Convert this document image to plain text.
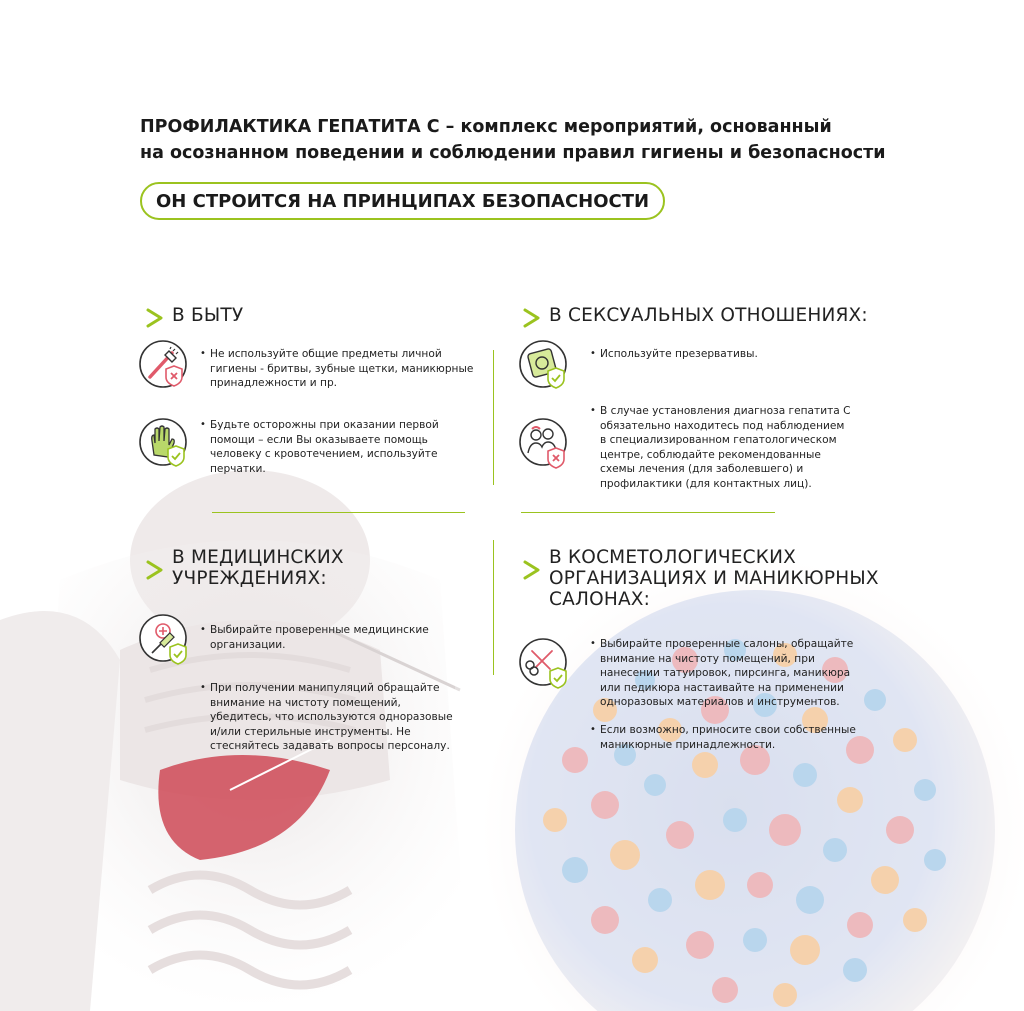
ПРОФИЛАКТИКА ГЕПАТИТА С – комплекс мероприятий, основанный
на осознанном поведении и соблюдении правил гигиены и безопасности
ОН СТРОИТСЯ НА ПРИНЦИПАХ БЕЗОПАСНОСТИ
В БЫТУ
• Не используйте общие предметы личной
гигиены - бритвы, зубные щетки, маникюрные
принадлежности и пр.
• Будьте осторожны при оказании первой
помощи – если Вы оказываете помощь
человеку с кровотечением, используйте
перчатки.
В СЕКСУАЛЬНЫХ ОТНОШЕНИЯХ:
• Используйте презервативы.
• В случае установления диагноза гепатита С
обязательно находитесь под наблюдением
в специализированном гепатологическом
центре, соблюдайте рекомендованные
схемы лечения (для заболевшего) и
профилактики (для контактных лиц).
В МЕДИЦИНСКИХ
УЧРЕЖДЕНИЯХ:
• Выбирайте проверенные медицинские
организации.
• При получении манипуляций обращайте
внимание на чистоту помещений,
убедитесь, что используются одноразовые
и/или стерильные инструменты. Не
стесняйтесь задавать вопросы персоналу.
В КОСМЕТОЛОГИЧЕСКИХ
ОРГАНИЗАЦИЯХ И МАНИКЮРНЫХ
САЛОНАХ:
• Выбирайте проверенные салоны, обращайте
внимание на чистоту помещений, при
нанесении татуировок, пирсинга, маникюра
или педикюра настаивайте на применении
одноразовых материалов и инструментов.
• Если возможно, приносите свои собственные
маникюрные принадлежности.
